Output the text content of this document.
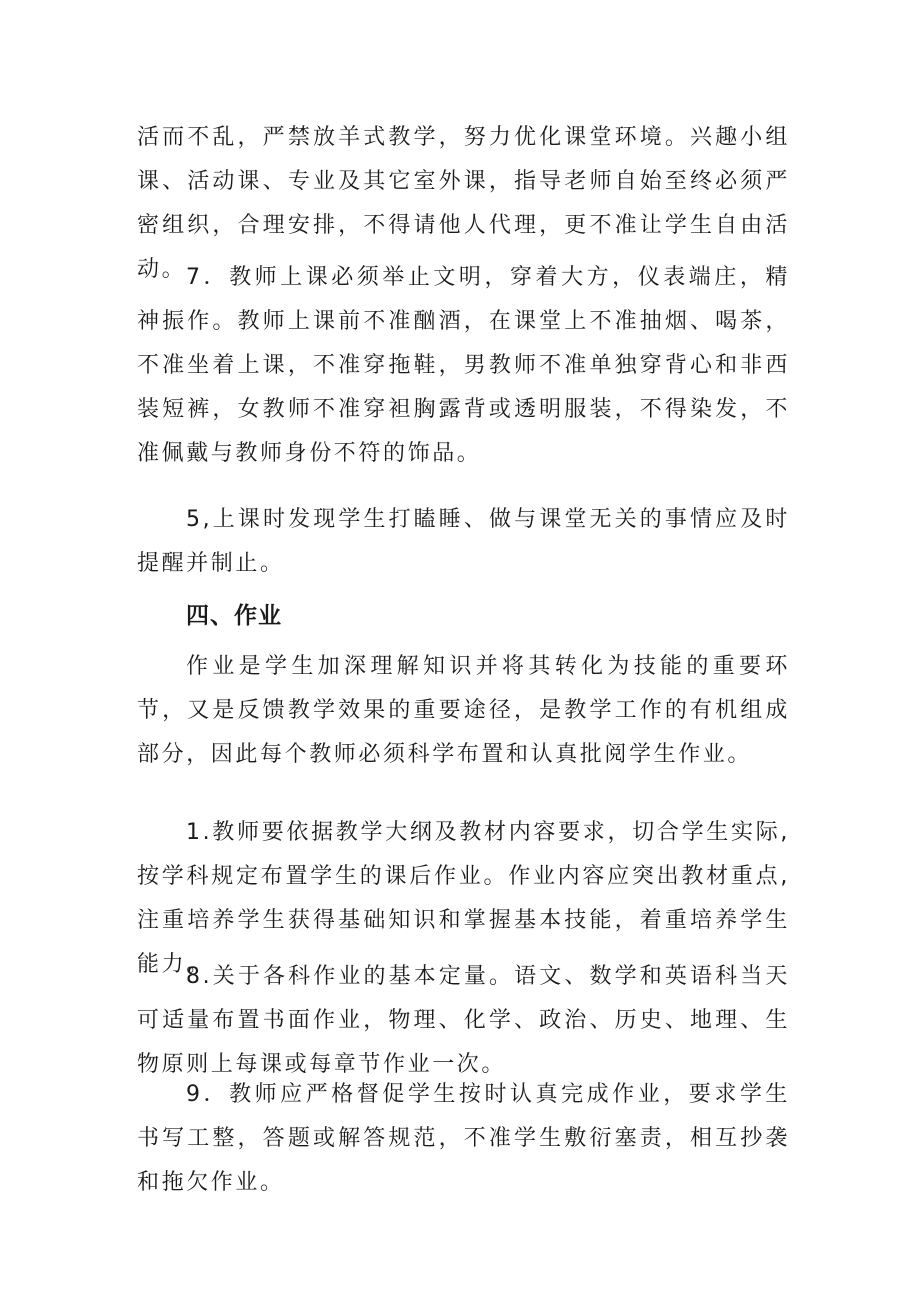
活而不乱，严禁放羊式教学，努力优化课堂环境。兴趣小组课、活动课、专业及其它室外课，指导老师自始至终必须严密组织，合理安排，不得请他人代理，更不准让学生自由活动。 7．教师上课必须举止文明，穿着大方，仪表端庄，精神振作。教师上课前不准酗酒，在课堂上不准抽烟、喝茶，不准坐着上课，不准穿拖鞋，男教师不准单独穿背心和非西装短裤，女教师不准穿袒胸露背或透明服装，不得染发，不准佩戴与教师身份不符的饰品。

5,上课时发现学生打瞌睡、做与课堂无关的事情应及时提醒并制止。

四、作业

作业是学生加深理解知识并将其转化为技能的重要环节，又是反馈教学效果的重要途径，是教学工作的有机组成部分，因此每个教师必须科学布置和认真批阅学生作业。

1.教师要依据教学大纲及教材内容要求，切合学生实际,按学科规定布置学生的课后作业。作业内容应突出教材重点,注重培养学生获得基础知识和掌握基本技能，着重培养学生能力。

8.关于各科作业的基本定量。语文、数学和英语科当天可适量布置书面作业，物理、化学、政治、历史、地理、生物原则上每课或每章节作业一次。

9．教师应严格督促学生按时认真完成作业，要求学生书写工整，答题或解答规范，不准学生敷衍塞责，相互抄袭和拖欠作业。
